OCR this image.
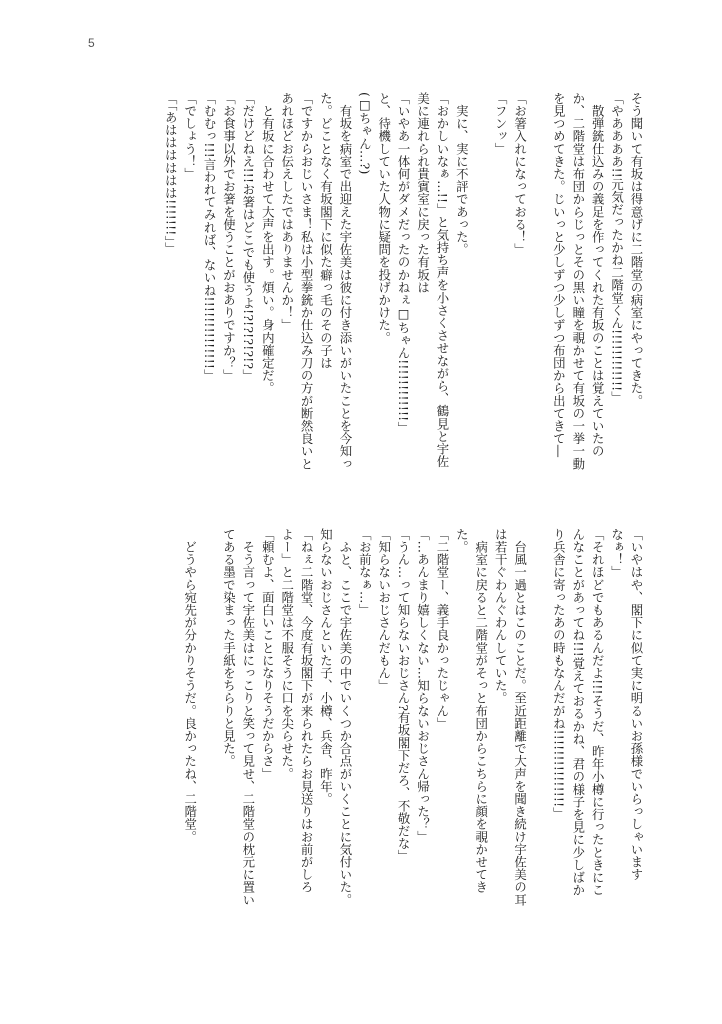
5
そう聞いて有坂は得意げに二階堂の病室にやってきた。
「やああああ!!元気だったかね二階堂くん!!!!!!!!!!!!」
　散弾銃仕込みの義足を作ってくれた有坂のことは覚えていたの
か、二階堂は布団からじっとその黒い瞳を覗かせて有坂の一挙一動
を見つめてきた。じいっと少しずつ少しずつ布団から出てきて―

「お箸入れになっておる！」
「フンッ」

　実に、実に不評であった。
「おかしいなぁ…!!」と気持ち声を小さくさせながら、鶴見と宇佐
美に連れられ貴賓室に戻った有坂は
「いやあ一体何がダメだったのかねぇ□ちゃん!!!!!!!!!!!!」
と、待機していた人物に疑問を投げかけた。
(□ちゃん…?)
　有坂を病室で出迎えた宇佐美は彼に付き添いがいたことを今知っ
た。どことなく有坂閣下に似た癖っ毛のその子は
「ですからおじいさま！私は小型拳銃か仕込み刀の方が断然良いと
あれほどお伝えしたではありませんか！」
　と有坂に合わせて大声を出す。煩い。身内確定だ。
「だけどねえ!!!お箸はどこでも使うよ!?!?!?!?!?」
「お食事以外でお箸を使うことがおありですか？」
「むむっ!!!言われてみれば、ないね!!!!!!!!!!!!!!」
「でしょう！」
「「あはははははは!!!!!!!」」
「いやはや、閣下に似て実に明るいお孫様でいらっしゃいます
なぁ！」
「それほどでもあるんだよ!!!そうだ、昨年小樽に行ったときにこ
んなことがあってね!!!覚えておるかね、君の様子を見に少しばか
り兵舎に寄ったあの時もなんだがね!!!!!!!!!!!!!!!」

　台風一過とはこのことだ。至近距離で大声を聞き続け宇佐美の耳
は若干ぐわんぐわんしていた。
　病室に戻ると二階堂がそっと布団からこちらに顔を覗かせてき
た。
「二階堂ー、義手良かったじゃん」
「…あんまり嬉しくない…知らないおじさん帰った？」
「うん…って知らないおじさん?有坂閣下だろ、不敬だな」
「知らないおじさんだもん」
「お前なぁ…」
　ふと、ここで宇佐美の中でいくつか合点がいくことに気付いた。
知らないおじさんといた子、小樽、兵舎、昨年。
「ねぇ二階堂、今度有坂閣下が来られたらお見送りはお前がしろ
よー」と二階堂は不服そうに口を尖らせた。
「頼むよ、面白いことになりそうだからさ」
　そう言って宇佐美はにっこりと笑って見せ、二階堂の枕元に置い
てある墨で染まった手紙をちらりと見た。

　どうやら宛先が分かりそうだ。良かったね、二階堂。
